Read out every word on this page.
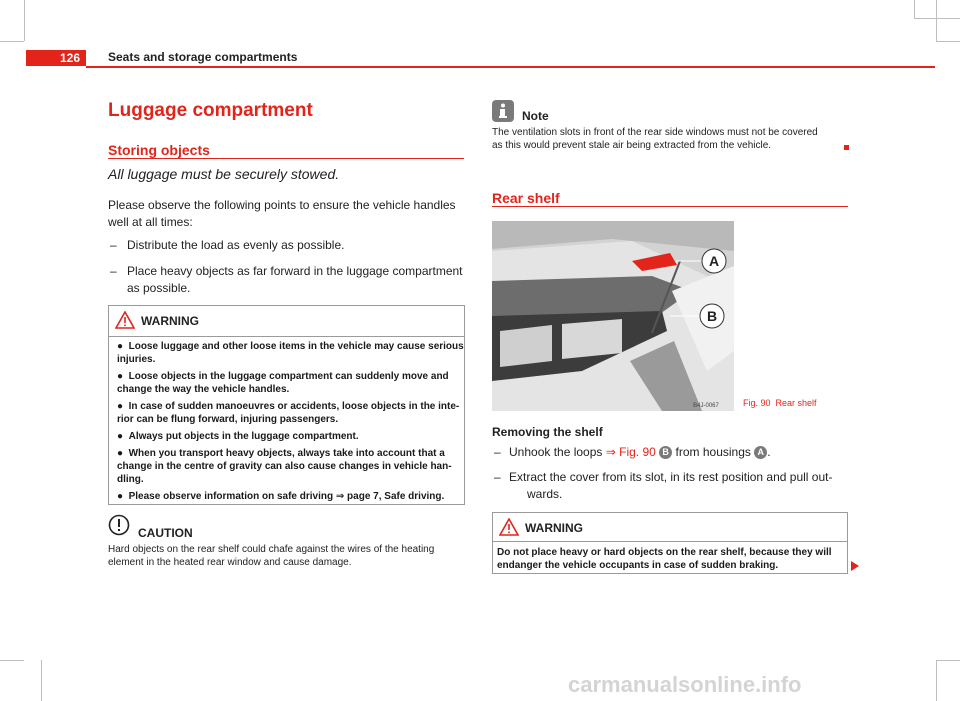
126	Seats and storage compartments
Luggage compartment
Storing objects
All luggage must be securely stowed.
Please observe the following points to ensure the vehicle handles
well at all times:
– Distribute the load as evenly as possible.
– Place heavy objects as far forward in the luggage compartment
as possible.
WARNING
● Loose luggage and other loose items in the vehicle may cause serious
injuries.
● Loose objects in the luggage compartment can suddenly move and
change the way the vehicle handles.
● In case of sudden manoeuvres or accidents, loose objects in the inte-
rior can be flung forward, injuring passengers.
● Always put objects in the luggage compartment.
● When you transport heavy objects, always take into account that a
change in the centre of gravity can also cause changes in vehicle han-
dling.
● Please observe information on safe driving ⇒ page 7, Safe driving.
CAUTION
Hard objects on the rear shelf could chafe against the wires of the heating
element in the heated rear window and cause damage.
Note
The ventilation slots in front of the rear side windows must not be covered
as this would prevent stale air being extracted from the vehicle.
Rear shelf
A
B
B4J-0067	Fig. 90 Rear shelf
Removing the shelf
– Unhook the loops ⇒ Fig. 90 B from housings A .
– Extract the cover from its slot, in its rest position and pull out-
wards.
WARNING
Do not place heavy or hard objects on the rear shelf, because they will
endanger the vehicle occupants in case of sudden braking.
carmanualsonline.info
